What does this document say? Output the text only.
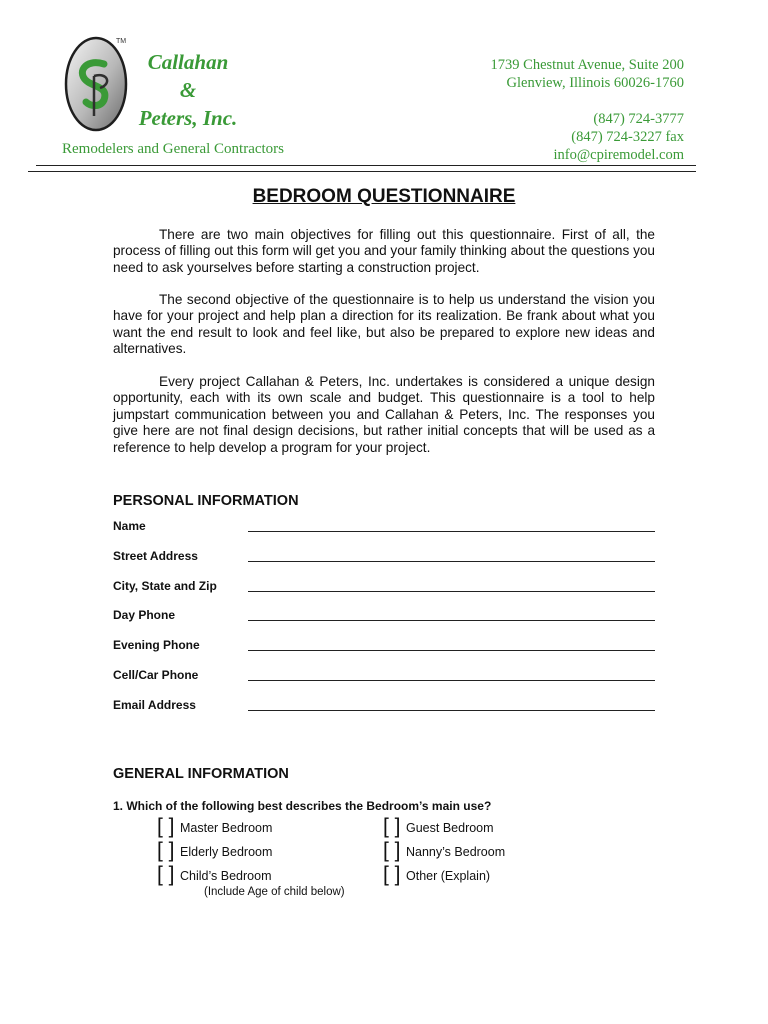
TM
Callahan
&
Peters, Inc.
Remodelers and General Contractors
1739 Chestnut Avenue, Suite 200
Glenview, Illinois 60026-1760
(847) 724-3777
(847) 724-3227 fax
info@cpiremodel.com
BEDROOM QUESTIONNAIRE
There are two main objectives for filling out this questionnaire. First of all, the process of filling out this form will get you and your family thinking about the questions you need to ask yourselves before starting a construction project.
The second objective of the questionnaire is to help us understand the vision you have for your project and help plan a direction for its realization. Be frank about what you want the end result to look and feel like, but also be prepared to explore new ideas and alternatives.
Every project Callahan & Peters, Inc. undertakes is considered a unique design opportunity, each with its own scale and budget. This questionnaire is a tool to help jumpstart communication between you and Callahan & Peters, Inc. The responses you give here are not final design decisions, but rather initial concepts that will be used as a reference to help develop a program for your project.
PERSONAL INFORMATION
Name
Street Address
City, State and Zip
Day Phone
Evening Phone
Cell/Car Phone
Email Address
GENERAL INFORMATION
1. Which of the following best describes the Bedroom’s main use?
[ ] Master Bedroom
[ ] Elderly Bedroom
[ ] Child’s Bedroom
[ ] Guest Bedroom
[ ] Nanny’s Bedroom
[ ] Other (Explain)
(Include Age of child below)
